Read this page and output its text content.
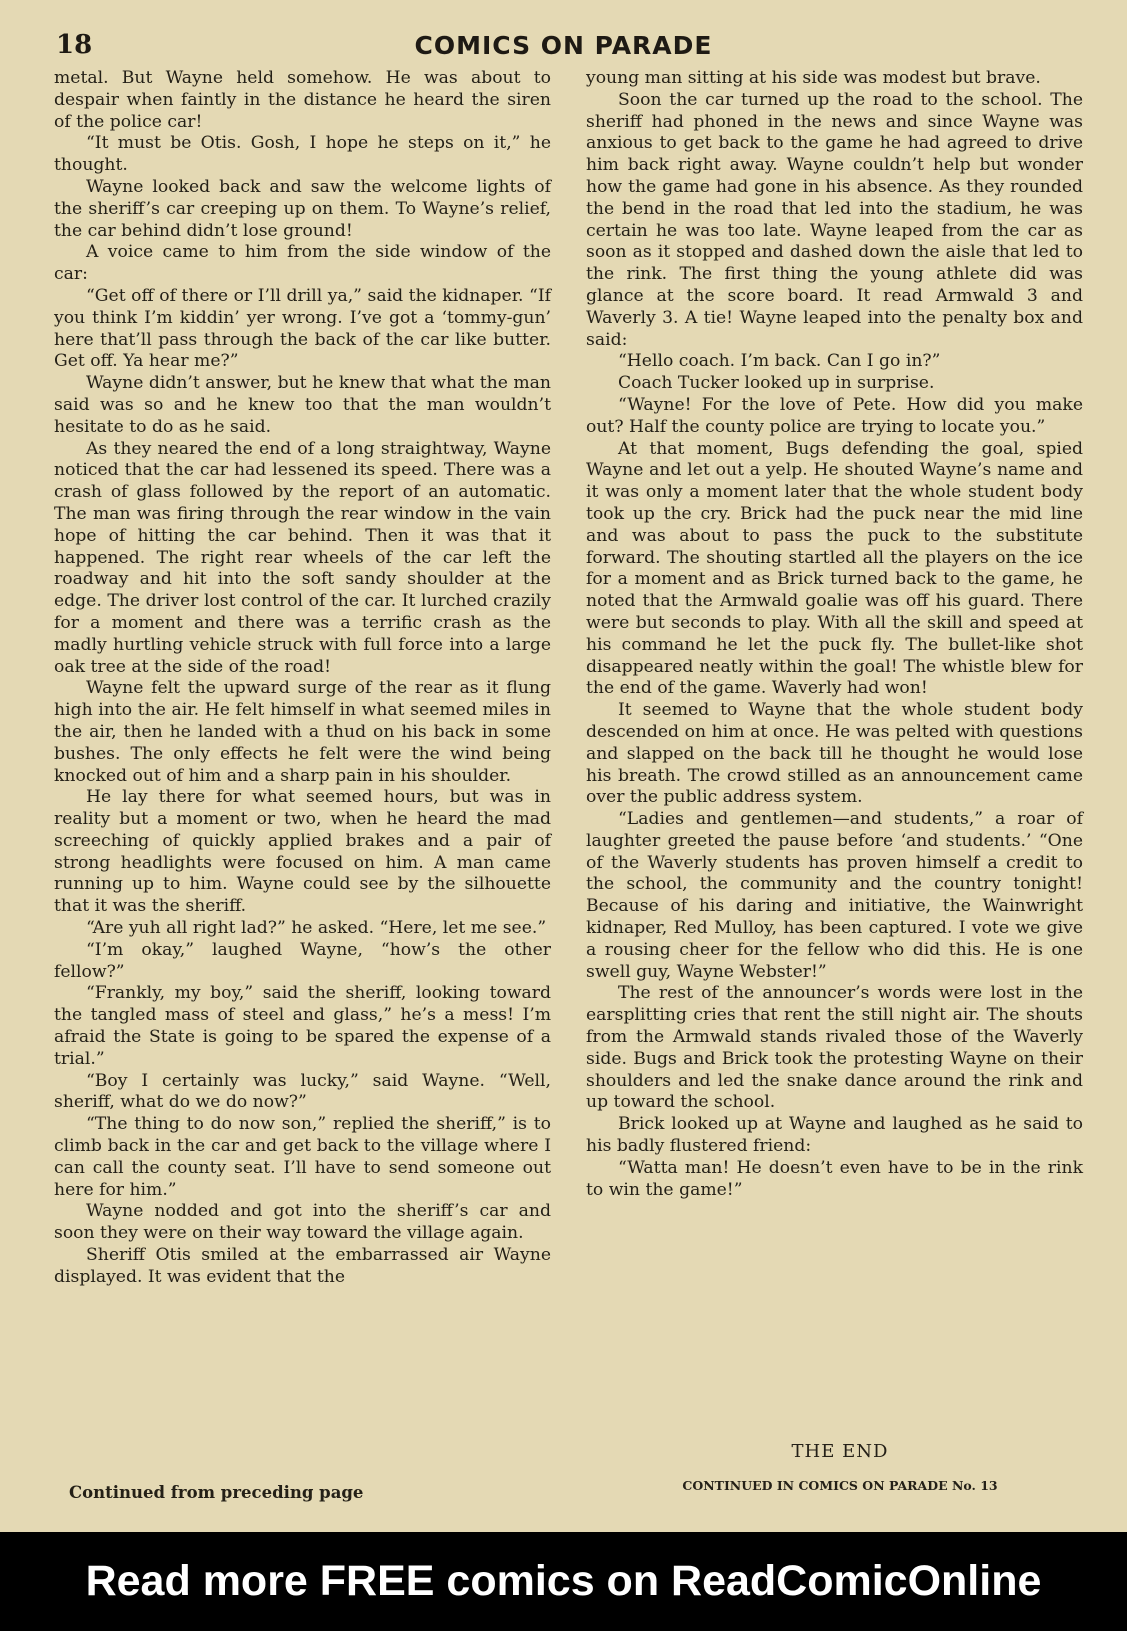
18	COMICS ON PARADE

metal. But Wayne held somehow. He was about to despair when faintly in the distance he heard the siren of the police car!

“It must be Otis. Gosh, I hope he steps on it,” he thought.

Wayne looked back and saw the welcome lights of the sheriff’s car creeping up on them. To Wayne’s relief, the car behind didn’t lose ground!

A voice came to him from the side window of the car:

“Get off of there or I’ll drill ya,” said the kidnaper. “If you think I’m kiddin’ yer wrong. I’ve got a ‘tommy-gun’ here that’ll pass through the back of the car like butter. Get off. Ya hear me?”

Wayne didn’t answer, but he knew that what the man said was so and he knew too that the man wouldn’t hesitate to do as he said.

As they neared the end of a long straightway, Wayne noticed that the car had lessened its speed. There was a crash of glass followed by the report of an automatic. The man was firing through the rear window in the vain hope of hitting the car behind. Then it was that it happened. The right rear wheels of the car left the roadway and hit into the soft sandy shoulder at the edge. The driver lost control of the car. It lurched crazily for a moment and there was a terrific crash as the madly hurtling vehicle struck with full force into a large oak tree at the side of the road!

Wayne felt the upward surge of the rear as it flung high into the air. He felt himself in what seemed miles in the air, then he landed with a thud on his back in some bushes. The only effects he felt were the wind being knocked out of him and a sharp pain in his shoulder.

He lay there for what seemed hours, but was in reality but a moment or two, when he heard the mad screeching of quickly applied brakes and a pair of strong headlights were focused on him. A man came running up to him. Wayne could see by the silhouette that it was the sheriff.

“Are yuh all right lad?” he asked. “Here, let me see.”

“I’m okay,” laughed Wayne, “how’s the other fellow?”

“Frankly, my boy,” said the sheriff, looking toward the tangled mass of steel and glass,” he’s a mess! I’m afraid the State is going to be spared the expense of a trial.”

“Boy I certainly was lucky,” said Wayne. “Well, sheriff, what do we do now?”

“The thing to do now son,” replied the sheriff,” is to climb back in the car and get back to the village where I can call the county seat. I’ll have to send someone out here for him.”

Wayne nodded and got into the sheriff’s car and soon they were on their way toward the village again.

Sheriff Otis smiled at the embarrassed air Wayne displayed. It was evident that the

Continued from preceding page

young man sitting at his side was modest but brave.

Soon the car turned up the road to the school. The sheriff had phoned in the news and since Wayne was anxious to get back to the game he had agreed to drive him back right away. Wayne couldn’t help but wonder how the game had gone in his absence. As they rounded the bend in the road that led into the stadium, he was certain he was too late. Wayne leaped from the car as soon as it stopped and dashed down the aisle that led to the rink. The first thing the young athlete did was glance at the score board. It read Armwald 3 and Waverly 3. A tie! Wayne leaped into the penalty box and said:

“Hello coach. I’m back. Can I go in?”

Coach Tucker looked up in surprise.

“Wayne! For the love of Pete. How did you make out? Half the county police are trying to locate you.”

At that moment, Bugs defending the goal, spied Wayne and let out a yelp. He shouted Wayne’s name and it was only a moment later that the whole student body took up the cry. Brick had the puck near the mid line and was about to pass the puck to the substitute forward. The shouting startled all the players on the ice for a moment and as Brick turned back to the game, he noted that the Armwald goalie was off his guard. There were but seconds to play. With all the skill and speed at his command he let the puck fly. The bullet-like shot disappeared neatly within the goal! The whistle blew for the end of the game. Waverly had won!

It seemed to Wayne that the whole student body descended on him at once. He was pelted with questions and slapped on the back till he thought he would lose his breath. The crowd stilled as an announcement came over the public address system.

“Ladies and gentlemen—and students,” a roar of laughter greeted the pause before ‘and students.’ “One of the Waverly students has proven himself a credit to the school, the community and the country tonight! Because of his daring and initiative, the Wainwright kidnaper, Red Mulloy, has been captured. I vote we give a rousing cheer for the fellow who did this. He is one swell guy, Wayne Webster!”

The rest of the announcer’s words were lost in the earsplitting cries that rent the still night air. The shouts from the Armwald stands rivaled those of the Waverly side. Bugs and Brick took the protesting Wayne on their shoulders and led the snake dance around the rink and up toward the school.

Brick looked up at Wayne and laughed as he said to his badly flustered friend:

“Watta man! He doesn’t even have to be in the rink to win the game!”

THE END
CONTINUED IN COMICS ON PARADE No. 13
Read more FREE comics on ReadComicOnline
